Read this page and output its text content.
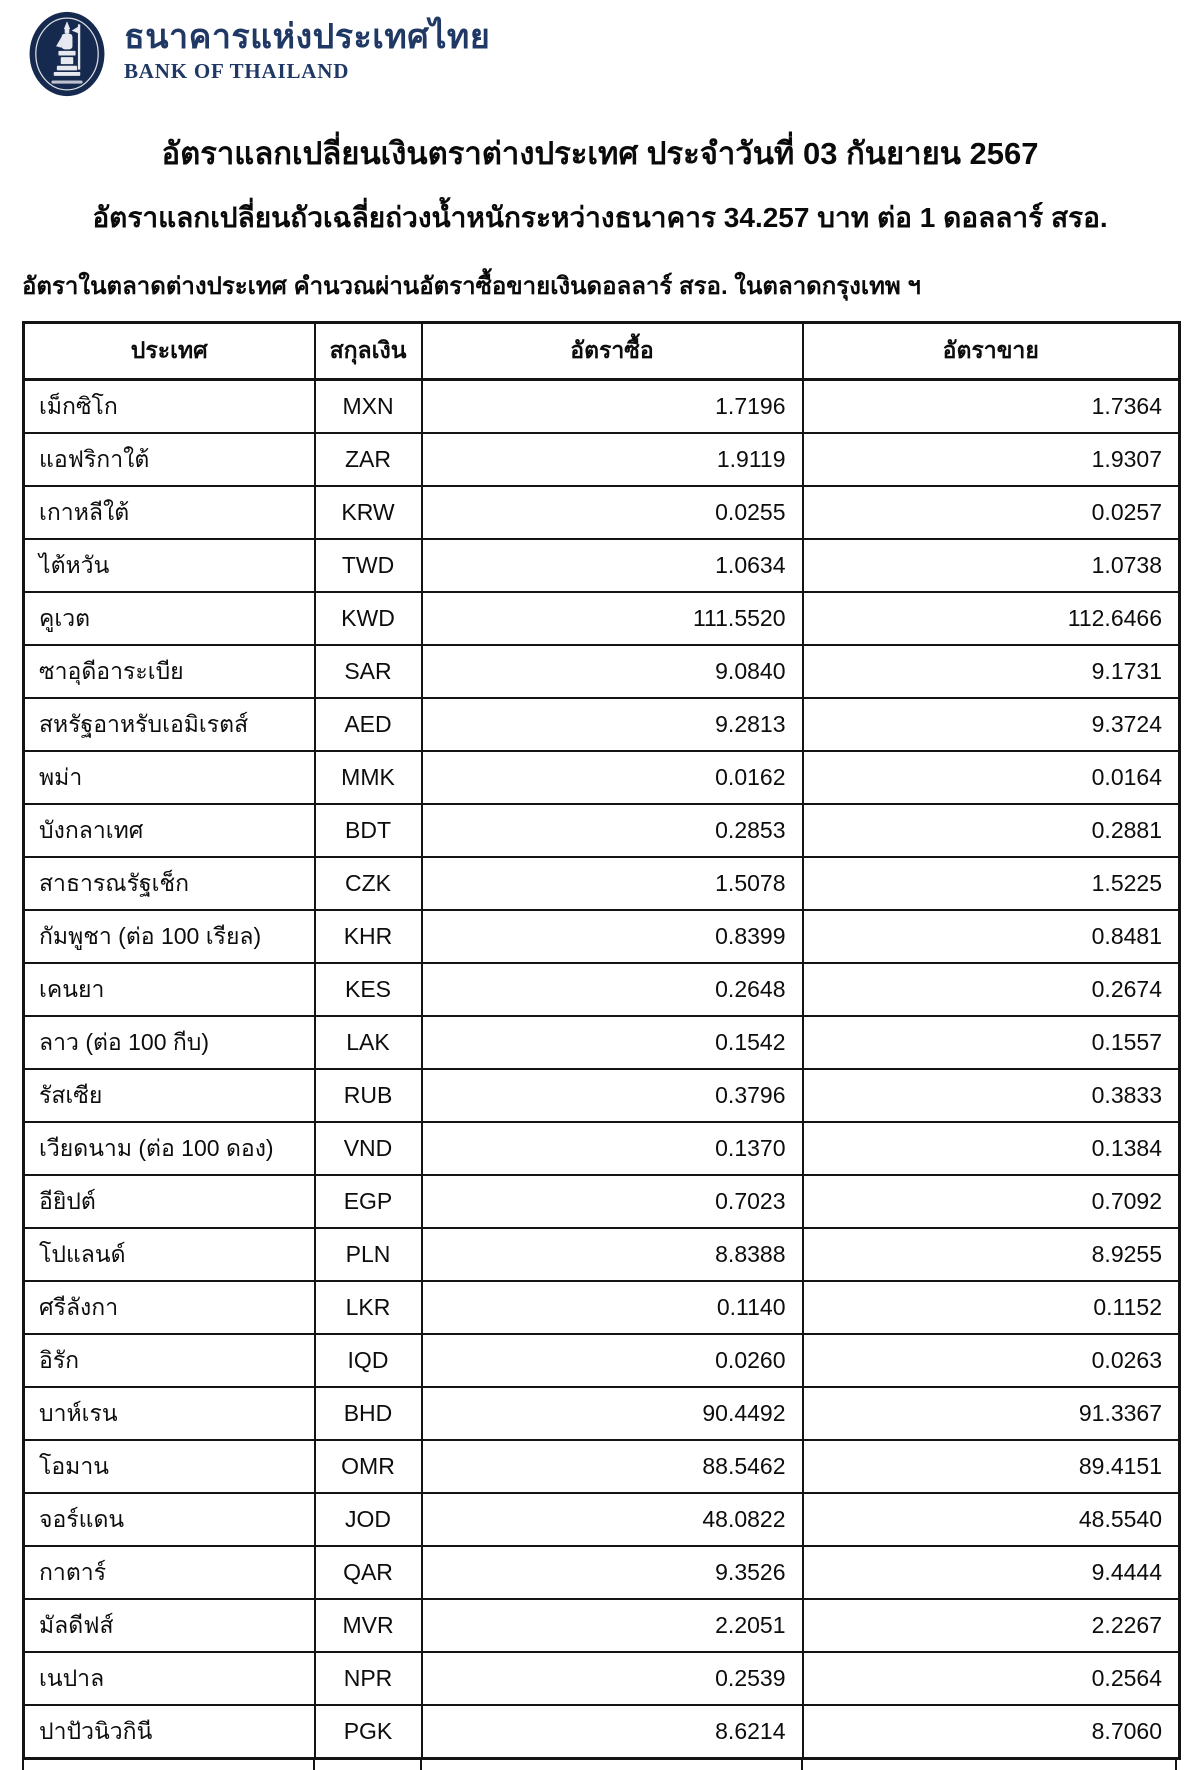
ธนาคารแห่งประเทศไทย
BANK OF THAILAND
อัตราแลกเปลี่ยนเงินตราต่างประเทศ ประจำวันที่ 03 กันยายน 2567
อัตราแลกเปลี่ยนถัวเฉลี่ยถ่วงน้ำหนักระหว่างธนาคาร 34.257 บาท ต่อ 1 ดอลลาร์ สรอ.
อัตราในตลาดต่างประเทศ คำนวณผ่านอัตราซื้อขายเงินดอลลาร์ สรอ. ในตลาดกรุงเทพ ฯ
ประเทศ	สกุลเงิน	อัตราซื้อ	อัตราขาย
เม็กซิโก	MXN	1.7196	1.7364
แอฟริกาใต้	ZAR	1.9119	1.9307
เกาหลีใต้	KRW	0.0255	0.0257
ไต้หวัน	TWD	1.0634	1.0738
คูเวต	KWD	111.5520	112.6466
ซาอุดีอาระเบีย	SAR	9.0840	9.1731
สหรัฐอาหรับเอมิเรตส์	AED	9.2813	9.3724
พม่า	MMK	0.0162	0.0164
บังกลาเทศ	BDT	0.2853	0.2881
สาธารณรัฐเช็ก	CZK	1.5078	1.5225
กัมพูชา (ต่อ 100 เรียล)	KHR	0.8399	0.8481
เคนยา	KES	0.2648	0.2674
ลาว (ต่อ 100 กีบ)	LAK	0.1542	0.1557
รัสเซีย	RUB	0.3796	0.3833
เวียดนาม (ต่อ 100 ดอง)	VND	0.1370	0.1384
อียิปต์	EGP	0.7023	0.7092
โปแลนด์	PLN	8.8388	8.9255
ศรีลังกา	LKR	0.1140	0.1152
อิรัก	IQD	0.0260	0.0263
บาห์เรน	BHD	90.4492	91.3367
โอมาน	OMR	88.5462	89.4151
จอร์แดน	JOD	48.0822	48.5540
กาตาร์	QAR	9.3526	9.4444
มัลดีฟส์	MVR	2.2051	2.2267
เนปาล	NPR	0.2539	0.2564
ปาปัวนิวกินี	PGK	8.6214	8.7060
